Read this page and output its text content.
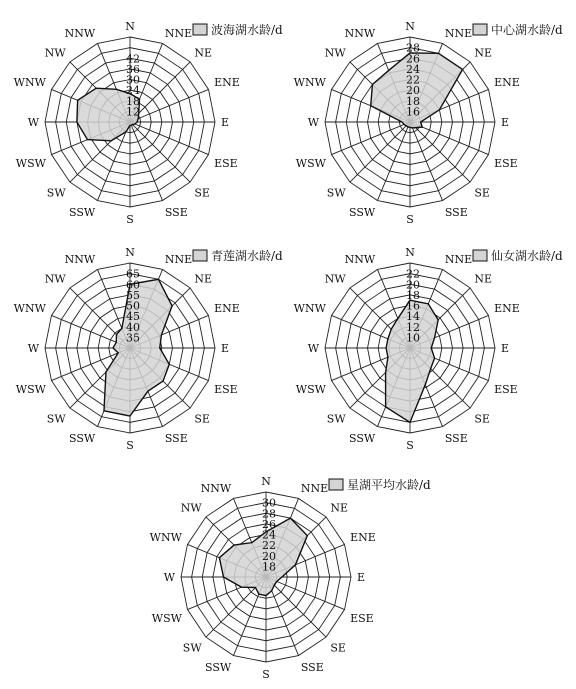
12
18
24
30
36
42
N
NNE
NE
ENE
E
ESE
SE
SSE
S
SSW
SW
WSW
W
WNW
NW
NNW	波海湖水龄/d
16
18
20
22
24
26
28
N
NNE
NE
ENE
E
ESE
SE
SSE
S
SSW
SW
WSW
W
WNW
NW
NNW	中心湖水龄/d
35
40
45
50
55
60
65
N
NNE
NE
ENE
E
ESE
SE
SSE
S
SSW
SW
WSW
W
WNW
NW
NNW	青莲湖水龄/d
10
12
14
16
18
20
22
N
NNE
NE
ENE
E
ESE
SE
SSE
S
SSW
SW
WSW
W
WNW
NW
NNW	仙女湖水龄/d
18
20
22
24
26
28
30
N
NNE
NE
ENE
E
ESE
SE
SSE
S
SSW
SW
WSW
W
WNW
NW
NNW	星湖平均水龄/d
